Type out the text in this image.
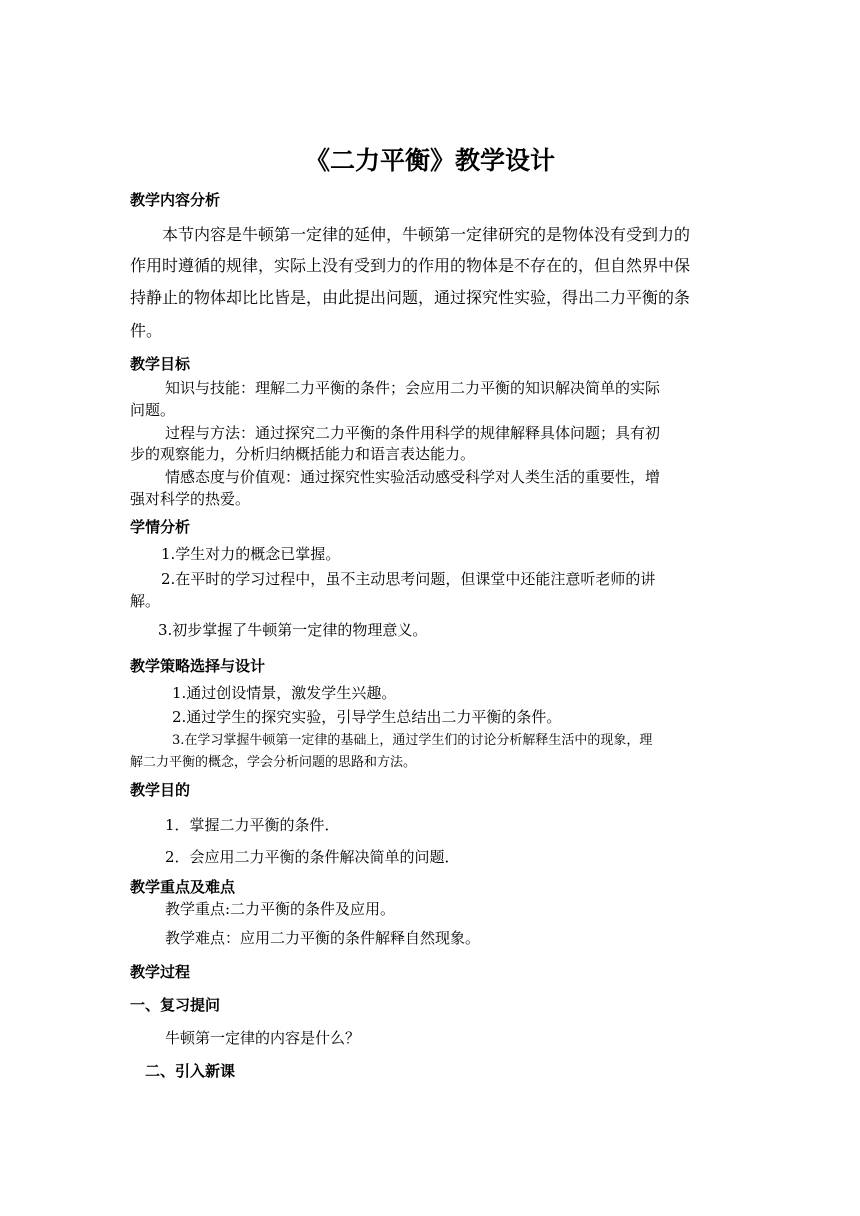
《二力平衡》教学设计
教学内容分析
本节内容是牛顿第一定律的延伸，牛顿第一定律研究的是物体没有受到力的
作用时遵循的规律，实际上没有受到力的作用的物体是不存在的，但自然界中保
持静止的物体却比比皆是，由此提出问题，通过探究性实验，得出二力平衡的条
件。
教学目标
知识与技能：理解二力平衡的条件；会应用二力平衡的知识解决简单的实际
问题。
过程与方法：通过探究二力平衡的条件用科学的规律解释具体问题；具有初
步的观察能力，分析归纳概括能力和语言表达能力。
情感态度与价值观：通过探究性实验活动感受科学对人类生活的重要性，增
强对科学的热爱。
学情分析
1.学生对力的概念已掌握。
2.在平时的学习过程中，虽不主动思考问题，但课堂中还能注意听老师的讲
解。
3.初步掌握了牛顿第一定律的物理意义。
教学策略选择与设计
1.通过创设情景，激发学生兴趣。
2.通过学生的探究实验，引导学生总结出二力平衡的条件。
3.在学习掌握牛顿第一定律的基础上，通过学生们的讨论分析解释生活中的现象，理
解二力平衡的概念，学会分析问题的思路和方法。
教学目的
1．掌握二力平衡的条件．
2．会应用二力平衡的条件解决简单的问题．
教学重点及难点
教学重点:二力平衡的条件及应用。
教学难点：应用二力平衡的条件解释自然现象。
教学过程
一、复习提问
牛顿第一定律的内容是什么？
二、引入新课
